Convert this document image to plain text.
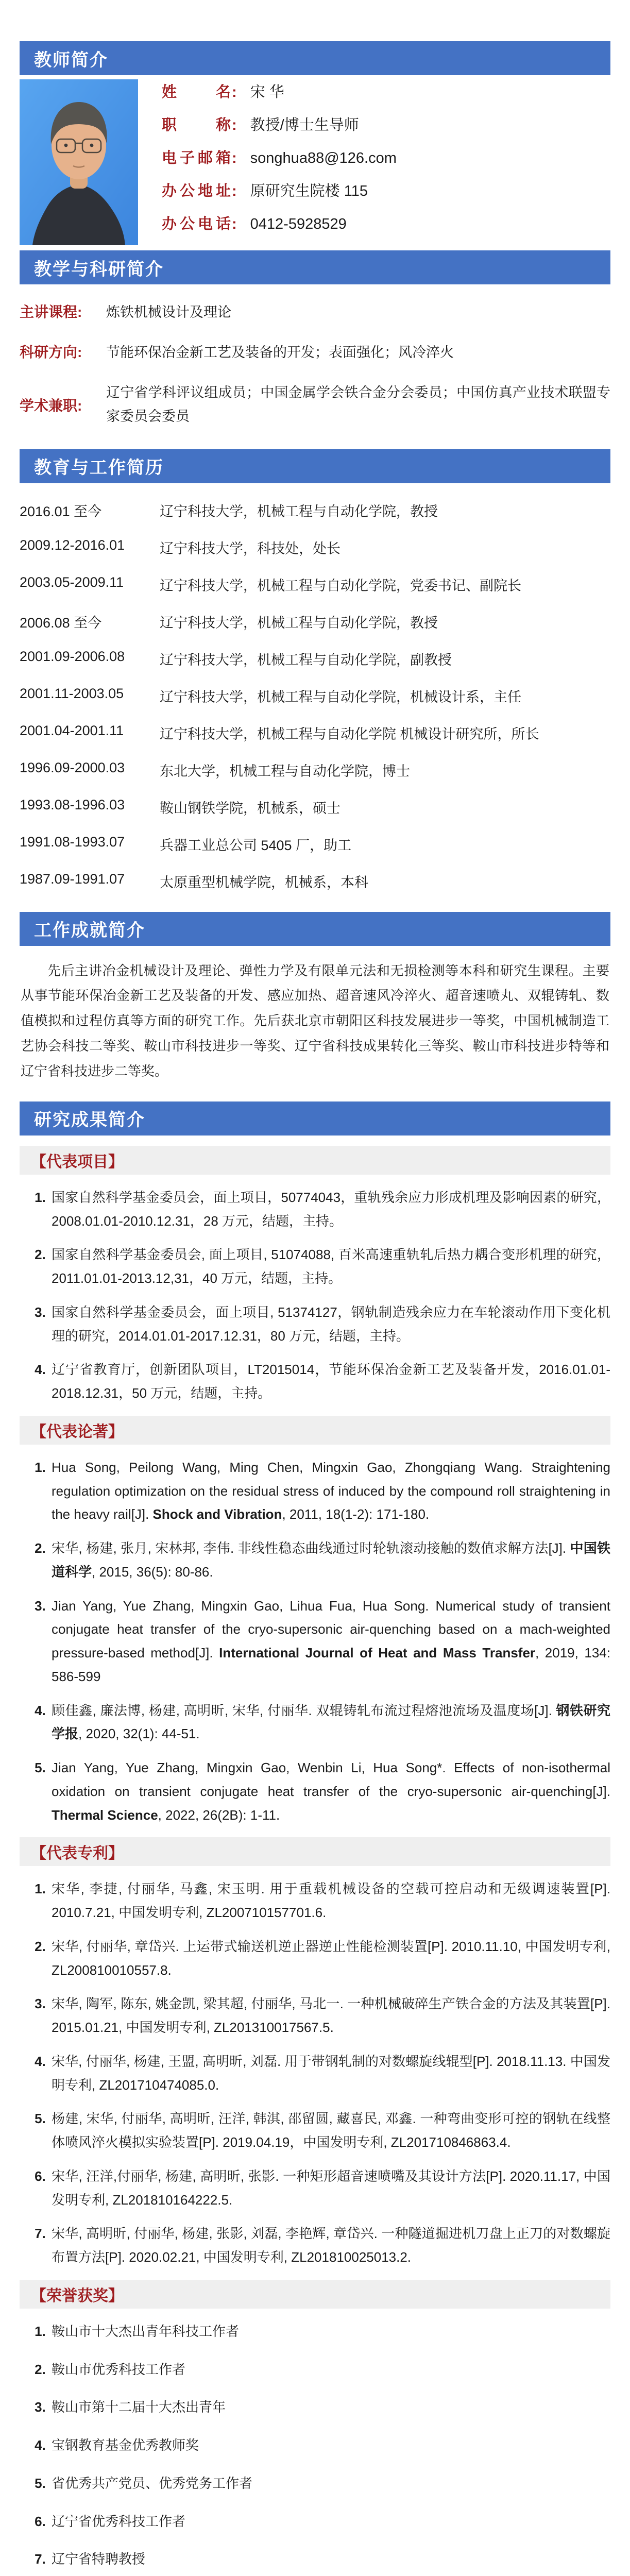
教师简介
姓名 : 宋 华
职称 : 教授/博士生导师
电子邮箱 : songhua88@126.com
办公地址 : 原研究生院楼 115
办公电话 : 0412-5928529
教学与科研简介
主讲课程:	炼铁机械设计及理论
科研方向:	节能环保冶金新工艺及装备的开发；表面强化；风冷淬火
学术兼职:
辽宁省学科评议组成员；中国金属学会铁合金分会委员；中国仿真产业技术联盟专家委员会委员
教育与工作简历
2016.01 至今	辽宁科技大学，机械工程与自动化学院，教授
2009.12-2016.01	辽宁科技大学，科技处，处长
2003.05-2009.11	辽宁科技大学，机械工程与自动化学院，党委书记、副院长
2006.08 至今	辽宁科技大学，机械工程与自动化学院，教授
2001.09-2006.08	辽宁科技大学，机械工程与自动化学院，副教授
2001.11-2003.05	辽宁科技大学，机械工程与自动化学院，机械设计系，主任
2001.04-2001.11	辽宁科技大学，机械工程与自动化学院 机械设计研究所，所长
1996.09-2000.03	东北大学，机械工程与自动化学院，博士
1993.08-1996.03	鞍山钢铁学院，机械系，硕士
1991.08-1993.07	兵器工业总公司 5405 厂，助工
1987.09-1991.07	太原重型机械学院，机械系，本科
工作成就简介

先后主讲冶金机械设计及理论、弹性力学及有限单元法和无损检测等本科和研究生课程。主要从事节能环保冶金新工艺及装备的开发、感应加热、超音速风冷淬火、超音速喷丸、双辊铸轧、数值模拟和过程仿真等方面的研究工作。先后获北京市朝阳区科技发展进步一等奖，中国机械制造工艺协会科技二等奖、鞍山市科技进步一等奖、辽宁省科技成果转化三等奖、鞍山市科技进步特等和辽宁省科技进步二等奖。

研究成果简介
【代表项目】
1. 国家自然科学基金委员会，面上项目，50774043，重轨残余应力形成机理及影响因素的研究，2008.01.01-2010.12.31，28 万元，结题，主持。
2. 国家自然科学基金委员会, 面上项目, 51074088, 百米高速重轨轧后热力耦合变形机理的研究，2011.01.01-2013.12,31，40 万元，结题，主持。
3. 国家自然科学基金委员会，面上项目, 51374127，钢轨制造残余应力在车轮滚动作用下变化机理的研究，2014.01.01-2017.12.31，80 万元，结题，主持。
4. 辽宁省教育厅，创新团队项目，LT2015014，节能环保冶金新工艺及装备开发，2016.01.01-2018.12.31，50 万元，结题，主持。
【代表论著】
1. Hua Song, Peilong Wang, Ming Chen, Mingxin Gao, Zhongqiang Wang. Straightening regulation optimization on the residual stress of induced by the compound roll straightening in the heavy rail[J]. Shock and Vibration, 2011, 18(1-2): 171-180.
2. 宋华, 杨建, 张月, 宋林邦, 李伟. 非线性稳态曲线通过时轮轨滚动接触的数值求解方法[J]. 中国铁道科学, 2015, 36(5): 80-86.
3. Jian Yang, Yue Zhang, Mingxin Gao, Lihua Fua, Hua Song. Numerical study of transient conjugate heat transfer of the cryo-supersonic air-quenching based on a mach-weighted pressure-based method[J]. International Journal of Heat and Mass Transfer, 2019, 134: 586-599
4. 顾佳鑫, 廉法博, 杨建, 高明昕, 宋华, 付丽华. 双辊铸轧布流过程熔池流场及温度场[J]. 钢铁研究学报, 2020, 32(1): 44-51.
5. Jian Yang, Yue Zhang, Mingxin Gao, Wenbin Li, Hua Song*. Effects of non-isothermal oxidation on transient conjugate heat transfer of the cryo-supersonic air-quenching[J]. Thermal Science, 2022, 26(2B): 1-11.
【代表专利】
1. 宋华, 李捷, 付丽华, 马鑫, 宋玉明. 用于重载机械设备的空载可控启动和无级调速装置[P]. 2010.7.21, 中国发明专利, ZL200710157701.6.
2. 宋华, 付丽华, 章岱兴. 上运带式输送机逆止器逆止性能检测装置[P]. 2010.11.10, 中国发明专利, ZL200810010557.8.
3. 宋华, 陶军, 陈东, 姚金凯, 梁其超, 付丽华, 马北一. 一种机械破碎生产铁合金的方法及其装置[P]. 2015.01.21, 中国发明专利, ZL201310017567.5.
4. 宋华, 付丽华, 杨建, 王盟, 高明昕, 刘磊. 用于带钢轧制的对数螺旋线辊型[P]. 2018.11.13. 中国发明专利, ZL201710474085.0.
5. 杨建, 宋华, 付丽华, 高明昕, 汪洋, 韩淇, 邵留圆, 藏喜民, 邓鑫. 一种弯曲变形可控的钢轨在线整体喷风淬火模拟实验装置[P]. 2019.04.19，中国发明专利, ZL201710846863.4.
6. 宋华, 汪洋,付丽华, 杨建, 高明昕, 张影. 一种矩形超音速喷嘴及其设计方法[P]. 2020.11.17, 中国发明专利, ZL201810164222.5.
7. 宋华, 高明昕, 付丽华, 杨建, 张影, 刘磊, 李艳辉, 章岱兴. 一种隧道掘进机刀盘上正刀的对数螺旋布置方法[P]. 2020.02.21, 中国发明专利, ZL201810025013.2.
【荣誉获奖】
1. 鞍山市十大杰出青年科技工作者
2. 鞍山市优秀科技工作者
3. 鞍山市第十二届十大杰出青年
4. 宝钢教育基金优秀教师奖
5. 省优秀共产党员、优秀党务工作者
6. 辽宁省优秀科技工作者
7. 辽宁省特聘教授
